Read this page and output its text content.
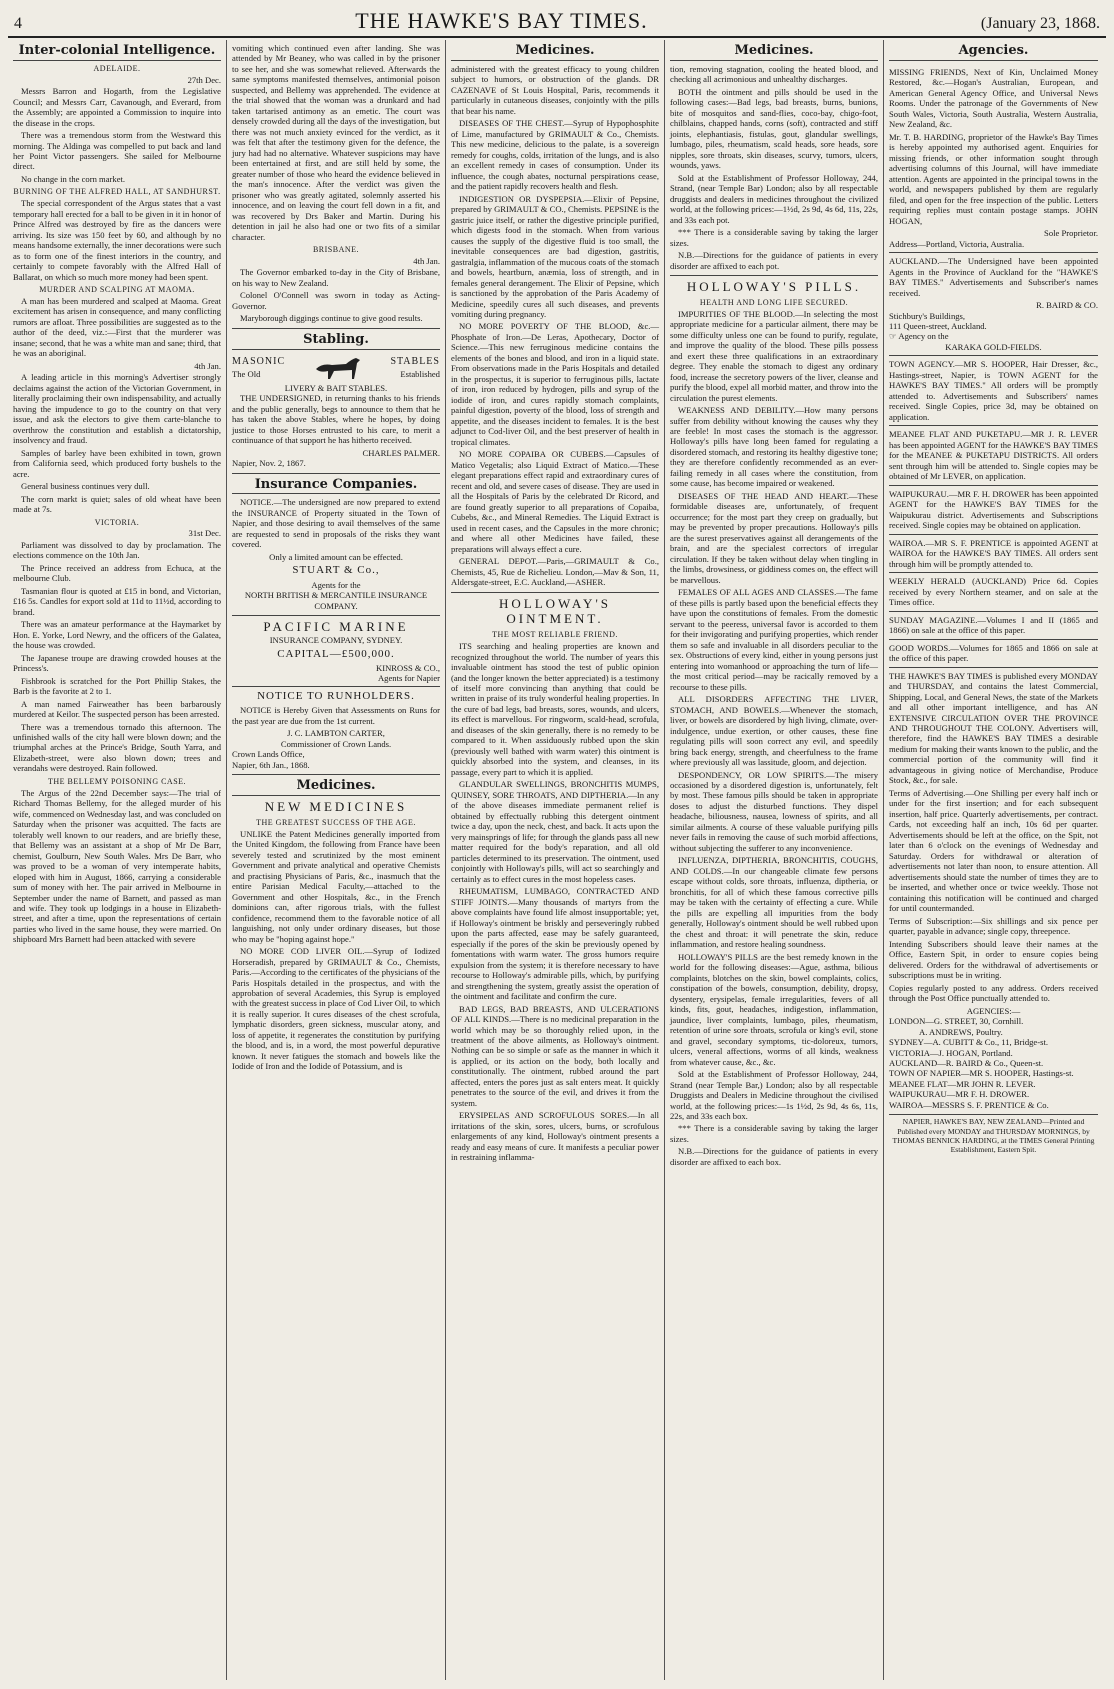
4	THE HAWKE'S BAY TIMES.	(January 23, 1868.
Inter-colonial Intelligence.
ADELAIDE.
27th Dec.

Messrs Barron and Hogarth, from the Legislative Council; and Messrs Carr, Cavanough, and Everard, from the Assembly; are appointed a Commission to inquire into the disease in the crops.

There was a tremendous storm from the Westward this morning. The Aldinga was compelled to put back and land her Point Victor passengers. She sailed for Melbourne direct.

No change in the corn market.

BURNING OF THE ALFRED HALL, AT SANDHURST.

The special correspondent of the Argus states that a vast temporary hall erected for a ball to be given in it in honor of Prince Alfred was destroyed by fire as the dancers were arriving. Its size was 150 feet by 60, and although by no means handsome externally, the inner decorations were such as to form one of the finest interiors in the country, and certainly to compete favorably with the Alfred Hall of Ballarat, on which so much more money had been spent.

MURDER AND SCALPING AT MAOMA.

A man has been murdered and scalped at Maoma. Great excitement has arisen in consequence, and many conflicting rumors are afloat. Three possibilities are suggested as to the author of the deed, viz.:—First that the murderer was insane; second, that he was a white man and sane; third, that he was an aboriginal.

4th Jan.

A leading article in this morning's Advertiser strongly declaims against the action of the Victorian Government, in literally proclaiming their own indispensability, and actually having the impudence to go to the country on that very issue, and ask the electors to give them carte-blanche to overthrow the constitution and establish a dictatorship, insolvency and fraud.

Samples of barley have been exhibited in town, grown from California seed, which produced forty bushels to the acre.

General business continues very dull.

The corn markt is quiet; sales of old wheat have been made at 7s.

VICTORIA.
31st Dec.

Parliament was dissolved to day by proclamation. The elections commence on the 10th Jan.

The Prince received an address from Echuca, at the melbourne Club.

Tasmanian flour is quoted at £15 in bond, and Victorian, £16 5s. Candles for export sold at 11d to 11½d, according to brand.

There was an amateur performance at the Haymarket by Hon. E. Yorke, Lord Newry, and the officers of the Galatea, the house was crowded.

The Japanese troupe are drawing crowded houses at the Princess's.

Fishbrook is scratched for the Port Phillip Stakes, the Barb is the favorite at 2 to 1.

A man named Fairweather has been barbarously murdered at Keilor. The suspected person has been arrested.

There was a tremendous tornado this afternoon. The unfinished walls of the city hall were blown down; and the triumphal arches at the Prince's Bridge, South Yarra, and Elizabeth-street, were also blown down; trees and verandahs were destroyed. Rain followed.

THE BELLEMY POISONING CASE.

The Argus of the 22nd December says:—The trial of Richard Thomas Bellemy, for the alleged murder of his wife, commenced on Wednesday last, and was concluded on Saturday when the prisoner was acquitted. The facts are tolerably well known to our readers, and are briefly these, that Bellemy was an assistant at a shop of Mr De Barr, chemist, Goulburn, New South Wales. Mrs De Barr, who was proved to be a woman of very intemperate habits, eloped with him in August, 1866, carrying a considerable sum of money with her. The pair arrived in Melbourne in September under the name of Barnett, and passed as man and wife. They took up lodgings in a house in Elizabeth-street, and after a time, upon the representations of certain parties who lived in the same house, they were married. On shipboard Mrs Barnett had been attacked with severe

vomiting which continued even after landing. She was attended by Mr Beaney, who was called in by the prisoner to see her, and she was somewhat relieved. Afterwards the same symptoms manifested themselves, antimonial poison suspected, and Bellemy was apprehended. The evidence at the trial showed that the woman was a drunkard and had taken tartarised antimony as an emetic. The court was densely crowded during all the days of the investigation, but there was not much anxiety evinced for the verdict, as it was felt that after the testimony given for the defence, the jury had had no alternative. Whatever suspicions may have been entertained at first, and are still held by some, the greater number of those who heard the evidence believed in the man's innocence. After the verdict was given the prisoner who was greatly agitated, solemnly asserted his innocence, and on leaving the court fell down in a fit, and was recovered by Drs Baker and Martin. During his detention in jail he also had one or two fits of a similar character.

BRISBANE.
4th Jan.

The Governor embarked to-day in the City of Brisbane, on his way to New Zealand.

Colonel O'Connell was sworn in today as Acting-Governor.

Maryborough diggings continue to give good results.

Stabling.
MASONIC
The Old
STABLES
Established
LIVERY & BAIT STABLES.

THE UNDERSIGNED, in returning thanks to his friends and the public generally, begs to announce to them that he has taken the above Stables, where he hopes, by doing justice to those Horses entrusted to his care, to merit a continuance of that support he has hitherto received.

CHARLES PALMER.
Napier, Nov. 2, 1867.
Insurance Companies.

NOTICE.—The undersigned are now prepared to extend the INSURANCE of Property situated in the Town of Napier, and those desiring to avail themselves of the same are requested to send in proposals of the risks they want covered.

Only a limited amount can be effected.
STUART & Co.,
Agents for the
NORTH BRITISH & MERCANTILE INSURANCE COMPANY.
PACIFIC MARINE
INSURANCE COMPANY, SYDNEY.
CAPITAL—£500,000.
KINROSS & CO.,
Agents for Napier
NOTICE TO RUNHOLDERS.

NOTICE is Hereby Given that Assessments on Runs for the past year are due from the 1st current.

J. C. LAMBTON CARTER,
Commissioner of Crown Lands.
Crown Lands Office,
Napier, 6th Jan., 1868.
Medicines.
NEW MEDICINES
THE GREATEST SUCCESS OF THE AGE.

UNLIKE the Patent Medicines generally imported from the United Kingdom, the following from France have been severely tested and scrutinized by the most eminent Government and private analytical and operative Chemists and practising Physicians of Paris, &c., inasmuch that the entire Parisian Medical Faculty,—attached to the Government and other Hospitals, &c., in the French dominions can, after rigorous trials, with the fullest confidence, recommend them to the favorable notice of all languishing, not only under ordinary diseases, but those who may be "hoping against hope."

NO MORE COD LIVER OIL.—Syrup of Iodized Horseradish, prepared by GRIMAULT & Co., Chemists, Paris.—According to the certificates of the physicians of the Paris Hospitals detailed in the prospectus, and with the approbation of several Academies, this Syrup is employed with the greatest success in place of Cod Liver Oil, to which it is really superior. It cures diseases of the chest scrofula, lymphatic disorders, green sickness, muscular atony, and loss of appetite, it regenerates the constitution by purifying the blood, and is, in a word, the most powerful depurative known. It never fatigues the stomach and bowels like the Iodide of Iron and the Iodide of Potassium, and is

Medicines.

administered with the greatest efficacy to young children subject to humors, or obstruction of the glands. DR CAZENAVE of St Louis Hospital, Paris, recommends it particularly in cutaneous diseases, conjointly with the pills that bear his name.

DISEASES OF THE CHEST.—Syrup of Hypophosphite of Lime, manufactured by GRIMAULT & Co., Chemists. This new medicine, delicious to the palate, is a sovereign remedy for coughs, colds, irritation of the lungs, and is also an excellent remedy in cases of consumption. Under its influence, the cough abates, nocturnal perspirations cease, and the patient rapidly recovers health and flesh.

INDIGESTION OR DYSPEPSIA.—Elixir of Pepsine, prepared by GRIMAULT & CO., Chemists. PEPSINE is the gastric juice itself, or rather the digestive principle purified, which digests food in the stomach. When from various causes the supply of the digestive fluid is too small, the inevitable consequences are bad digestion, gastritis, gastralgia, inflammation of the mucous coats of the stomach and bowels, heartburn, anæmia, loss of strength, and in females general derangement. The Elixir of Pepsine, which is sanctioned by the approbation of the Paris Academy of Medicine, speedily cures all such diseases, and prevents vomiting during pregnancy.

NO MORE POVERTY OF THE BLOOD, &c.—Phosphate of Iron.—De Leras, Apothecary, Doctor of Science.—This new ferruginous medicine contains the elements of the bones and blood, and iron in a liquid state. From observations made in the Paris Hospitals and detailed in the prospectus, it is superior to ferruginous pills, lactate of iron, iron reduced by hydrogen, pills and syrup of the iodide of iron, and cures rapidly stomach complaints, painful digestion, poverty of the blood, loss of strength and appetite, and the diseases incident to females. It is the best adjunct to Cod-liver Oil, and the best preserver of health in tropical climates.

NO MORE COPAIBA OR CUBEBS.—Capsules of Matico Vegetalis; also Liquid Extract of Matico.—These elegant preparations effect rapid and extraordinary cures of recent and old, and severe cases of disease. They are used in all the Hospitals of Paris by the celebrated Dr Ricord, and are found greatly superior to all preparations of Copaiba, Cubebs, &c., and Mineral Remedies. The Liquid Extract is used in recent cases, and the Capsules in the more chronic; and where all other Medicines have failed, these preparations will always effect a cure.

GENERAL DEPOT.—Paris,—GRIMAULT & Co., Chemists, 45, Rue de Richelieu. London,—Mav & Son, 11, Aldersgate-street, E.C. Auckland,—ASHER.

HOLLOWAY'S OINTMENT.
THE MOST RELIABLE FRIEND.

ITS searching and healing properties are known and recognized throughout the world. The number of years this invaluable ointment has stood the test of public opinion (and the longer known the better appreciated) is a testimony of itself more convincing than anything that could be written in praise of its truly wonderful healing properties. In the cure of bad legs, bad breasts, sores, wounds, and ulcers, its effect is marvellous. For ringworm, scald-head, scrofula, and diseases of the skin generally, there is no remedy to be compared to it. When assiduously rubbed upon the skin (previously well bathed with warm water) this ointment is quickly absorbed into the system, and cleanses, in its passage, every part to which it is applied.

GLANDULAR SWELLINGS, BRONCHITIS MUMPS, QUINSEY, SORE THROATS, AND DIPTHERIA.—In any of the above diseases immediate permanent relief is obtained by effectually rubbing this detergent ointment twice a day, upon the neck, chest, and back. It acts upon the very mainsprings of life; for through the glands pass all new matter required for the body's reparation, and all old particles determined to its preservation. The ointment, used conjointly with Holloway's pills, will act so searchingly and certainly as to effect cures in the most hopeless cases.

RHEUMATISM, LUMBAGO, CONTRACTED AND STIFF JOINTS.—Many thousands of martyrs from the above complaints have found life almost insupportable; yet, if Holloway's ointment be briskly and perseveringly rubbed upon the parts affected, ease may be safely guaranteed, especially if the pores of the skin be previously opened by fomentations with warm water. The gross humors require expulsion from the system; it is therefore necessary to have recourse to Holloway's admirable pills, which, by purifying and strengthening the system, greatly assist the operation of the ointment and facilitate and confirm the cure.

BAD LEGS, BAD BREASTS, AND ULCERATIONS OF ALL KINDS.—There is no medicinal preparation in the world which may be so thoroughly relied upon, in the treatment of the above ailments, as Holloway's ointment. Nothing can be so simple or safe as the manner in which it is applied, or its action on the body, both locally and constitutionally. The ointment, rubbed around the part affected, enters the pores just as salt enters meat. It quickly penetrates to the source of the evil, and drives it from the system.

ERYSIPELAS AND SCROFULOUS SORES.—In all irritations of the skin, sores, ulcers, burns, or scrofulous enlargements of any kind, Holloway's ointment presents a ready and easy means of cure. It manifests a peculiar power in restraining inflamma-

Medicines.

tion, removing stagnation, cooling the heated blood, and checking all acrimonious and unhealthy discharges.

BOTH the ointment and pills should be used in the following cases:—Bad legs, bad breasts, burns, bunions, bite of mosquitos and sand-flies, coco-bay, chigo-foot, chilblains, chapped hands, corns (soft), contracted and stiff joints, elephantiasis, fistulas, gout, glandular swellings, lumbago, piles, rheumatism, scald heads, sore heads, sore nipples, sore throats, skin diseases, scurvy, tumors, ulcers, wounds, yaws.

Sold at the Establishment of Professor Holloway, 244, Strand, (near Temple Bar) London; also by all respectable druggists and dealers in medicines throughout the civilized world, at the following prices:—1½d, 2s 9d, 4s 6d, 11s, 22s, and 33s each pot.

*** There is a considerable saving by taking the larger sizes.

N.B.—Directions for the guidance of patients in every disorder are affixed to each pot.

HOLLOWAY'S PILLS.
HEALTH AND LONG LIFE SECURED.

IMPURITIES OF THE BLOOD.—In selecting the most appropriate medicine for a particular ailment, there may be some difficulty unless one can be found to purify, regulate, and improve the quality of the blood. These pills possess and exert these three qualifications in an extraordinary degree. They enable the stomach to digest any ordinary food, increase the secretory powers of the liver, cleanse and purify the blood, expel all morbid matter, and throw into the circulation the purest elements.

WEAKNESS AND DEBILITY.—How many persons suffer from debility without knowing the causes why they are feeble! In most cases the stomach is the aggressor. Holloway's pills have long been famed for regulating a disordered stomach, and restoring its healthy digestive tone; they are therefore confidently recommended as an ever-failing remedy in all cases where the constitution, from some cause, has become impaired or weakened.

DISEASES OF THE HEAD AND HEART.—These formidable diseases are, unfortunately, of frequent occurrence; for the most part they creep on gradually, but may be prevented by proper precautions. Holloway's pills are the surest preservatives against all derangements of the brain, and are the specialest correctors of irregular circulation. If they be taken without delay when tingling in the limbs, drowsiness, or giddiness comes on, the effect will be marvellous.

FEMALES OF ALL AGES AND CLASSES.—The fame of these pills is partly based upon the beneficial effects they have upon the constitutions of females. From the domestic servant to the peeress, universal favor is accorded to them for their invigorating and purifying properties, which render them so safe and invaluable in all disorders peculiar to the sex. Obstructions of every kind, either in young persons just entering into womanhood or approaching the turn of life—the most critical period—may be racically removed by a recourse to these pills.

ALL DISORDERS AFFECTING THE LIVER, STOMACH, AND BOWELS.—Whenever the stomach, liver, or bowels are disordered by high living, climate, over-indulgence, undue exertion, or other causes, these fine regulating pills will soon correct any evil, and speedily bring back energy, strength, and cheerfulness to the frame where previously all was lassitude, gloom, and dejection.

DESPONDENCY, OR LOW SPIRITS.—The misery occasioned by a disordered digestion is, unfortunately, felt by most. These famous pills should be taken in appropriate doses to adjust the disturbed functions. They dispel headache, biliousness, nausea, lowness of spirits, and all similar ailments. A course of these valuable purifying pills never fails in removing the cause of such morbid affections, without subjecting the sufferer to any inconvenience.

INFLUENZA, DIPTHERIA, BRONCHITIS, COUGHS, AND COLDS.—In our changeable climate few persons escape without colds, sore throats, influenza, diptheria, or bronchitis, for all of which these famous corrective pills may be taken with the certainty of effecting a cure. While the pills are expelling all impurities from the body generally, Holloway's ointment should be well rubbed upon the chest and throat: it will penetrate the skin, reduce inflammation, and restore healing soundness.

HOLLOWAY'S PILLS are the best remedy known in the world for the following diseases:—Ague, asthma, bilious complaints, blotches on the skin, bowel complaints, colics, constipation of the bowels, consumption, debility, dropsy, dysentery, erysipelas, female irregularities, fevers of all kinds, fits, gout, headaches, indigestion, inflammation, jaundice, liver complaints, lumbago, piles, rheumatism, retention of urine sore throats, scrofula or king's evil, stone and gravel, secondary symptoms, tic-doloreux, tumors, ulcers, veneral affections, worms of all kinds, weakness from whatever cause, &c., &c.

Sold at the Establishment of Professor Holloway, 244, Strand (near Temple Bar,) London; also by all respectable Druggists and Dealers in Medicine throughout the civilised world, at the following prices:—1s 1½d, 2s 9d, 4s 6s, 11s, 22s, and 33s each box.

*** There is a considerable saving by taking the larger sizes.

N.B.—Directions for the guidance of patients in every disorder are affixed to each box.

Agencies.

MISSING FRIENDS, Next of Kin, Unclaimed Money Restored, &c.—Hogan's Australian, European, and American General Agency Office, and Universal News Rooms. Under the patronage of the Governments of New South Wales, Victoria, South Australia, Western Australia, New Zealand, &c.

Mr. T. B. HARDING, proprietor of the Hawke's Bay Times is hereby appointed my authorised agent. Enquiries for missing friends, or other information sought through advertising columns of this Journal, will have immediate attention. Agents are appointed in the principal towns in the world, and newspapers published by them are regularly filed, and open for the free inspection of the public. Letters requiring replies must contain postage stamps. JOHN HOGAN,

Sole Proprietor.
Address—Portland, Victoria, Australia.

AUCKLAND.—The Undersigned have been appointed Agents in the Province of Auckland for the "HAWKE'S BAY TIMES." Advertisements and Subscriber's names received.

R. BAIRD & CO.
Stichbury's Buildings,
111 Queen-street, Auckland.
☞ Agency on the
KARAKA GOLD-FIELDS.

TOWN AGENCY.—MR S. HOOPER, Hair Dresser, &c., Hastings-street, Napier, is TOWN AGENT for the HAWKE'S BAY TIMES." All orders will be promptly attended to. Advertisements and Subscribers' names received. Single Copies, price 3d, may be obtained on application.

MEANEE FLAT AND PUKETAPU.—MR J. R. LEVER has been appointed AGENT for the HAWKE'S BAY TIMES for the MEANEE & PUKETAPU DISTRICTS. All orders sent through him will be attended to. Single copies may be obtained of Mr LEVER, on application.

WAIPUKURAU.—MR F. H. DROWER has been appointed AGENT for the HAWKE'S BAY TIMES for the Waipukurau district. Advertisements and Subscriptions received. Single copies may be obtained on application.

WAIROA.—MR S. F. PRENTICE is appointed AGENT at WAIROA for the HAWKE'S BAY TIMES. All orders sent through him will be promptly attended to.

WEEKLY HERALD (AUCKLAND) Price 6d. Copies received by every Northern steamer, and on sale at the Times office.

SUNDAY MAGAZINE.—Volumes I and II (1865 and 1866) on sale at the office of this paper.

GOOD WORDS.—Volumes for 1865 and 1866 on sale at the office of this paper.

THE HAWKE'S BAY TIMES is published every MONDAY and THURSDAY, and contains the latest Commercial, Shipping, Local, and General News, the state of the Markets and all other important intelligence, and has AN EXTENSIVE CIRCULATION OVER THE PROVINCE AND THROUGHOUT THE COLONY. Advertisers will, therefore, find the HAWKE'S BAY TIMES a desirable medium for making their wants known to the public, and the commercial portion of the community will find it advantageous in giving notice of Merchandise, Produce Stock, &c., for sale.

Terms of Advertising.—One Shilling per every half inch or under for the first insertion; and for each subsequent insertion, half price. Quarterly advertisements, per contract. Cards, not exceeding half an inch, 10s 6d per quarter. Advertisements should be left at the office, on the Spit, not later than 6 o'clock on the evenings of Wednesday and Saturday. Orders for withdrawal or alteration of advertisements not later than noon, to ensure attention. All advertisements should state the number of times they are to be inserted, and whether once or twice weekly. Those not containing this notification will be continued and charged for until countermanded.

Terms of Subscription:—Six shillings and six pence per quarter, payable in advance; single copy, threepence.

Intending Subscribers should leave their names at the Office, Eastern Spit, in order to ensure copies being delivered. Orders for the withdrawal of advertisements or subscriptions must be in writing.

Copies regularly posted to any address. Orders received through the Post Office punctually attended to.

AGENCIES:—
LONDON—G. STREET, 30, Cornhill.
A. ANDREWS, Poultry.
SYDNEY—A. CUBITT & Co., 11, Bridge-st.
VICTORIA—J. HOGAN, Portland.
AUCKLAND—R. BAIRD & Co., Queen-st.
TOWN OF NAPIER—MR S. HOOPER, Hastings-st.
MEANEE FLAT—MR JOHN R. LEVER.
WAIPUKURAU—MR F. H. DROWER.
WAIROA—MESSRS S. F. PRENTICE & Co.
NAPIER, HAWKE'S BAY, NEW ZEALAND—Printed and Published every MONDAY and THURSDAY MORNINGS, by THOMAS BENNICK HARDING, at the TIMES General Printing Establishment, Eastern Spit.
